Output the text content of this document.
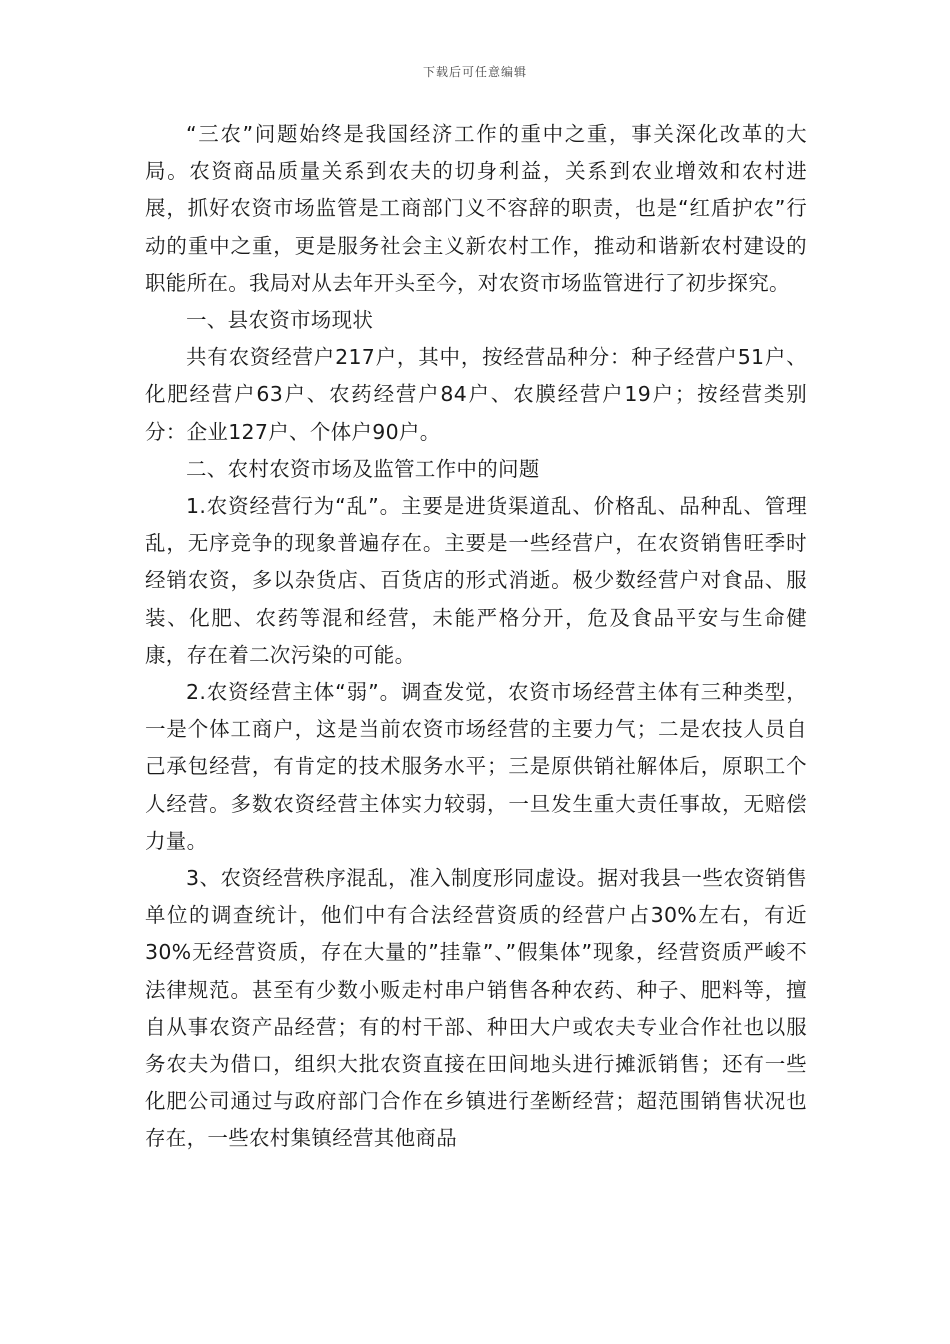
下载后可任意编辑

“三农”问题始终是我国经济工作的重中之重，事关深化改革的大局。农资商品质量关系到农夫的切身利益，关系到农业增效和农村进展，抓好农资市场监管是工商部门义不容辞的职责，也是“红盾护农”行动的重中之重，更是服务社会主义新农村工作，推动和谐新农村建设的职能所在。我局对从去年开头至今，对农资市场监管进行了初步探究。

一、县农资市场现状

共有农资经营户217户，其中，按经营品种分：种子经营户51户、化肥经营户63户、农药经营户84户、农膜经营户19户；按经营类别分：企业127户、个体户90户。

二、农村农资市场及监管工作中的问题

1.农资经营行为“乱”。主要是进货渠道乱、价格乱、品种乱、管理乱，无序竞争的现象普遍存在。主要是一些经营户，在农资销售旺季时经销农资，多以杂货店、百货店的形式消逝。极少数经营户对食品、服装、化肥、农药等混和经营，未能严格分开，危及食品平安与生命健康，存在着二次污染的可能。

2.农资经营主体“弱”。调查发觉，农资市场经营主体有三种类型，一是个体工商户，这是当前农资市场经营的主要力气；二是农技人员自己承包经营，有肯定的技术服务水平；三是原供销社解体后，原职工个人经营。多数农资经营主体实力较弱，一旦发生重大责任事故，无赔偿力量。

3、农资经营秩序混乱，准入制度形同虚设。据对我县一些农资销售单位的调查统计，他们中有合法经营资质的经营户占30%左右，有近30%无经营资质，存在大量的”挂靠”、”假集体”现象，经营资质严峻不法律规范。甚至有少数小贩走村串户销售各种农药、种子、肥料等，擅自从事农资产品经营；有的村干部、种田大户或农夫专业合作社也以服务农夫为借口，组织大批农资直接在田间地头进行摊派销售；还有一些化肥公司通过与政府部门合作在乡镇进行垄断经营；超范围销售状况也存在，一些农村集镇经营其他商品
